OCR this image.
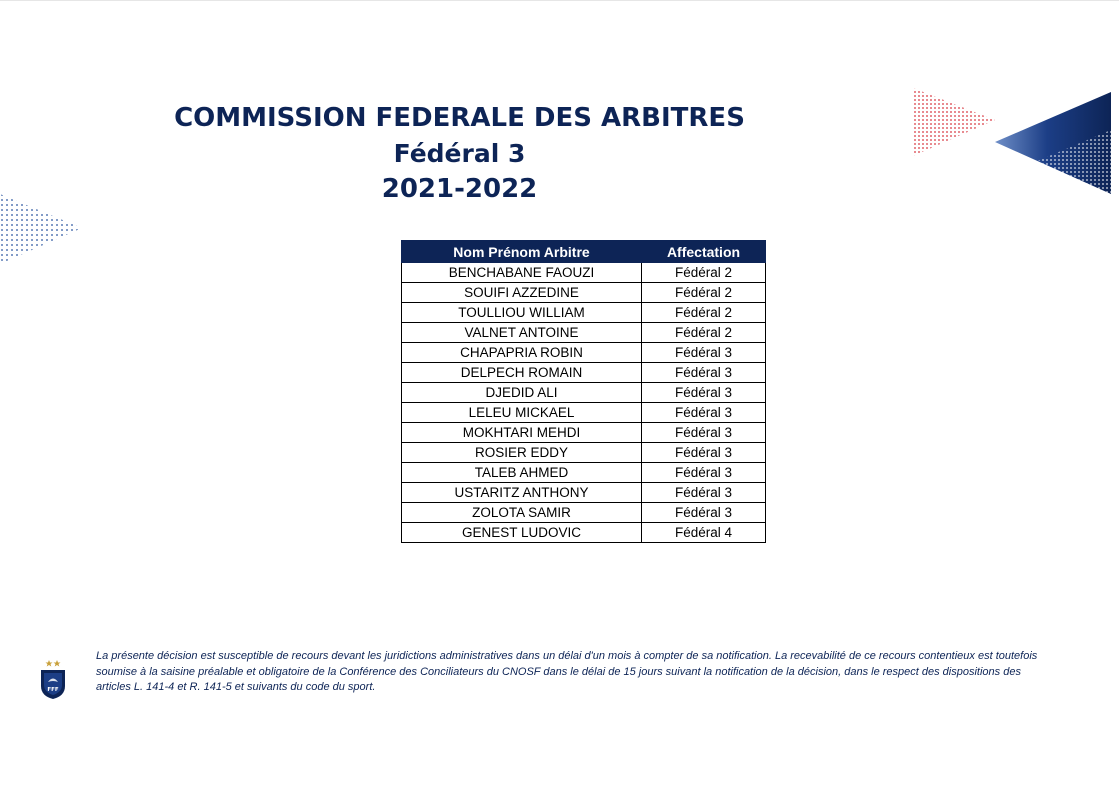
COMMISSION FEDERALE DES ARBITRES
Fédéral 3
2021-2022
Nom Prénom Arbitre	Affectation
BENCHABANE FAOUZI	Fédéral 2
SOUIFI AZZEDINE	Fédéral 2
TOULLIOU WILLIAM	Fédéral 2
VALNET ANTOINE	Fédéral 2
CHAPAPRIA ROBIN	Fédéral 3
DELPECH ROMAIN	Fédéral 3
DJEDID ALI	Fédéral 3
LELEU MICKAEL	Fédéral 3
MOKHTARI MEHDI	Fédéral 3
ROSIER EDDY	Fédéral 3
TALEB AHMED	Fédéral 3
USTARITZ ANTHONY	Fédéral 3
ZOLOTA SAMIR	Fédéral 3
GENEST LUDOVIC	Fédéral 4
FFF
La présente décision est susceptible de recours devant les juridictions administratives dans un délai d'un mois à compter de sa notification. La recevabilité de ce recours contentieux est toutefois soumise à la saisine préalable et obligatoire de la Conférence des Conciliateurs du CNOSF dans le délai de 15 jours suivant la notification de la décision, dans le respect des dispositions des articles L. 141-4 et R. 141-5 et suivants du code du sport.
